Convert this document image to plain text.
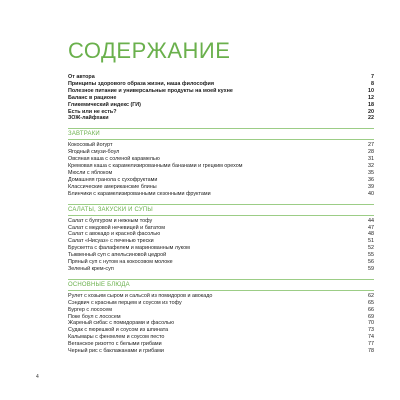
СОДЕРЖАНИЕ
От автора	7
Принципы здорового образа жизни, наша философия	8
Полезное питание и универсальные продукты на моей кухне	10
Баланс в рационе	12
Гликемический индекс (ГИ)	18
Есть или не есть?	20
ЗОЖ-лайфхаки	22
ЗАВТРАКИ
Кокосовый йогурт	27
Ягодный смузи-боул	28
Овсяная каша с соленой карамелью	31
Кремовая каша с карамелизированными бананами и грецким орехом	32
Мюсли с яблоком	35
Домашняя гранола с сухофруктами	36
Классические американские блины	39
Блинчики с карамелизированными сезонными фруктами	40
САЛАТЫ, ЗАКУСКИ И СУПЫ
Салат с булгуром и нежным тофу	44
Салат с медовой нечевицей и бататом	47
Салат с авокадо и красной фасолью	48
Салат «Нисуаз» с печенью трески	51
Брускетта с фалафелем и маринованным луком	52
Тыквенный суп с апельсиновой цедрой	55
Пряный суп с нутом на кокосовом молоке	56
Зеленый крем-суп	59
ОСНОВНЫЕ БЛЮДА
Рулет с козьим сыром и сальсой из помидоров и авокадо	62
Сэндвич с красным перцем и соусом из тофу	65
Бургер с лососем	66
Поке боул с лососем	69
Жареный сибас с помидорами и фасолью	70
Судак с пюрешкой и соусом из шпината	73
Кальмары с фенхелем и соусом песто	74
Веганское ризотто с белыми грибами	77
Черный рис с баклажанами и грибами	78
4
